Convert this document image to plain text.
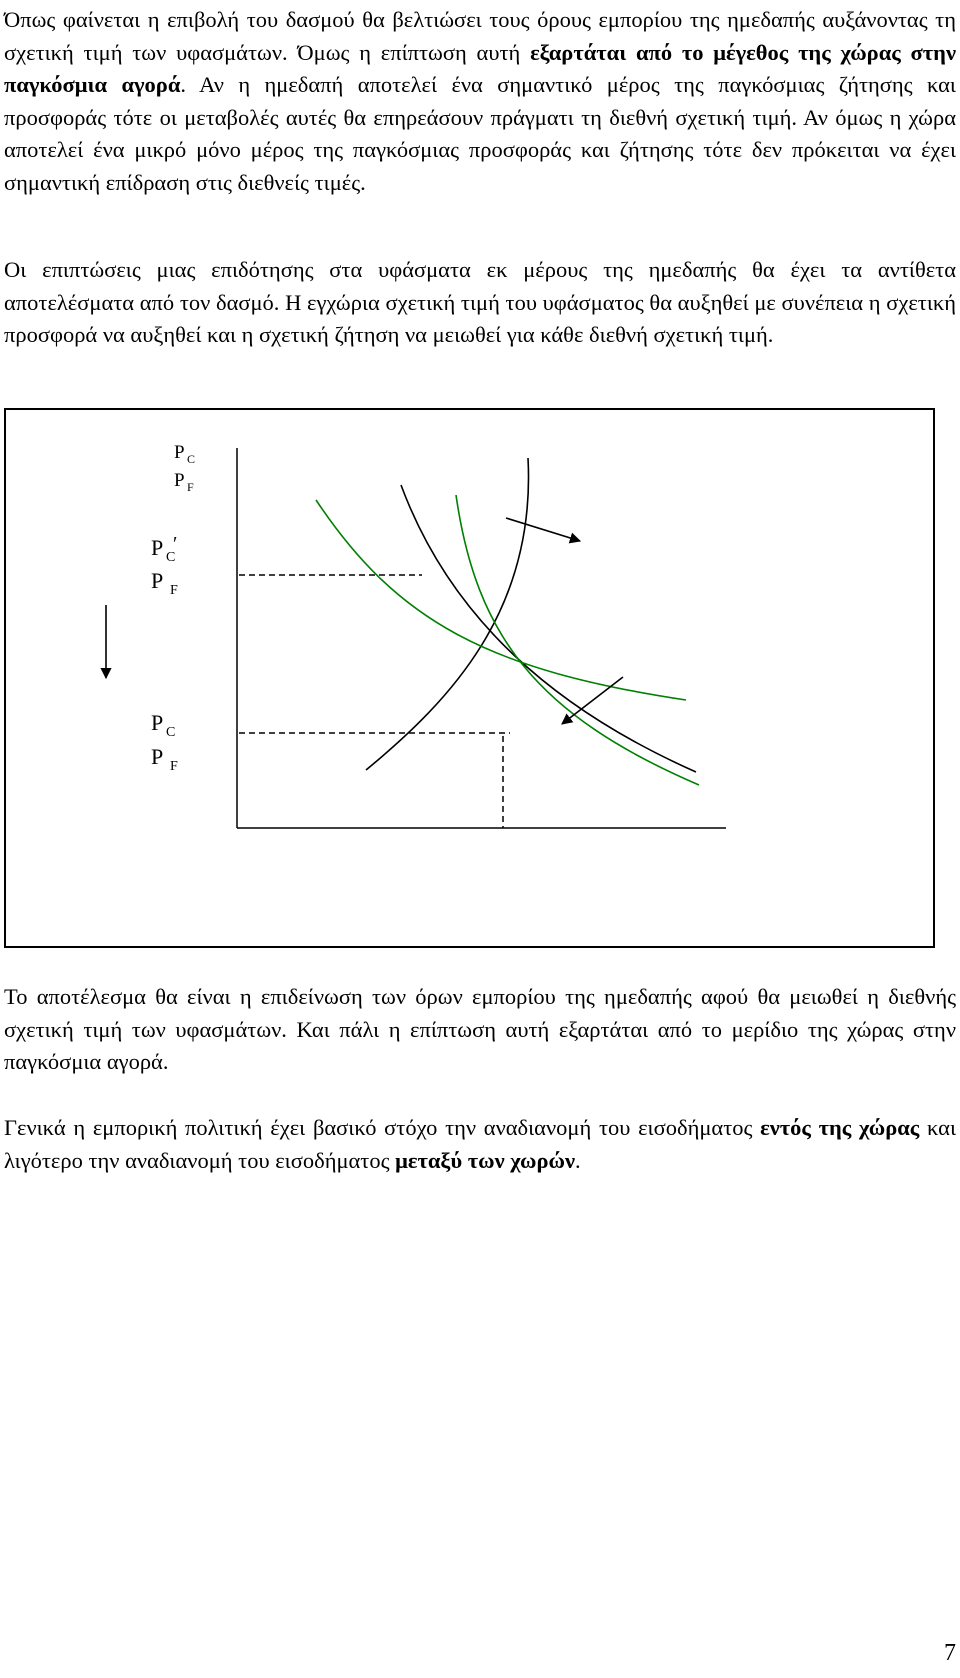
Όπως φαίνεται η επιβολή του δασμού θα βελτιώσει τους όρους εμπορίου της ημεδαπής αυξάνοντας τη σχετική τιμή των υφασμάτων. Όμως η επίπτωση αυτή εξαρτάται από το μέγεθος της χώρας στην παγκόσμια αγορά. Αν η ημεδαπή αποτελεί ένα σημαντικό μέρος της παγκόσμιας ζήτησης και προσφοράς τότε οι μεταβολές αυτές θα επηρεάσουν πράγματι τη διεθνή σχετική τιμή. Αν όμως η χώρα αποτελεί ένα μικρό μόνο μέρος της παγκόσμιας προσφοράς και ζήτησης τότε δεν πρόκειται να έχει σημαντική επίδραση στις διεθνείς τιμές.

Οι επιπτώσεις μιας επιδότησης στα υφάσματα εκ μέρους της ημεδαπής θα έχει τα αντίθετα αποτελέσματα από τον δασμό. Η εγχώρια σχετική τιμή του υφάσματος θα αυξηθεί με συνέπεια η σχετική προσφορά να αυξηθεί και η σχετική ζήτηση να μειωθεί για κάθε διεθνή σχετική τιμή.

P C
P F
P C
′
P F
P C
P F

Το αποτέλεσμα θα είναι η επιδείνωση των όρων εμπορίου της ημεδαπής αφού θα μειωθεί η διεθνής σχετική τιμή των υφασμάτων. Και πάλι η επίπτωση αυτή εξαρτάται από το μερίδιο της χώρας στην παγκόσμια αγορά.

Γενικά η εμπορική πολιτική έχει βασικό στόχο την αναδιανομή του εισοδήματος εντός της χώρας και λιγότερο την αναδιανομή του εισοδήματος μεταξύ των χωρών.

7
